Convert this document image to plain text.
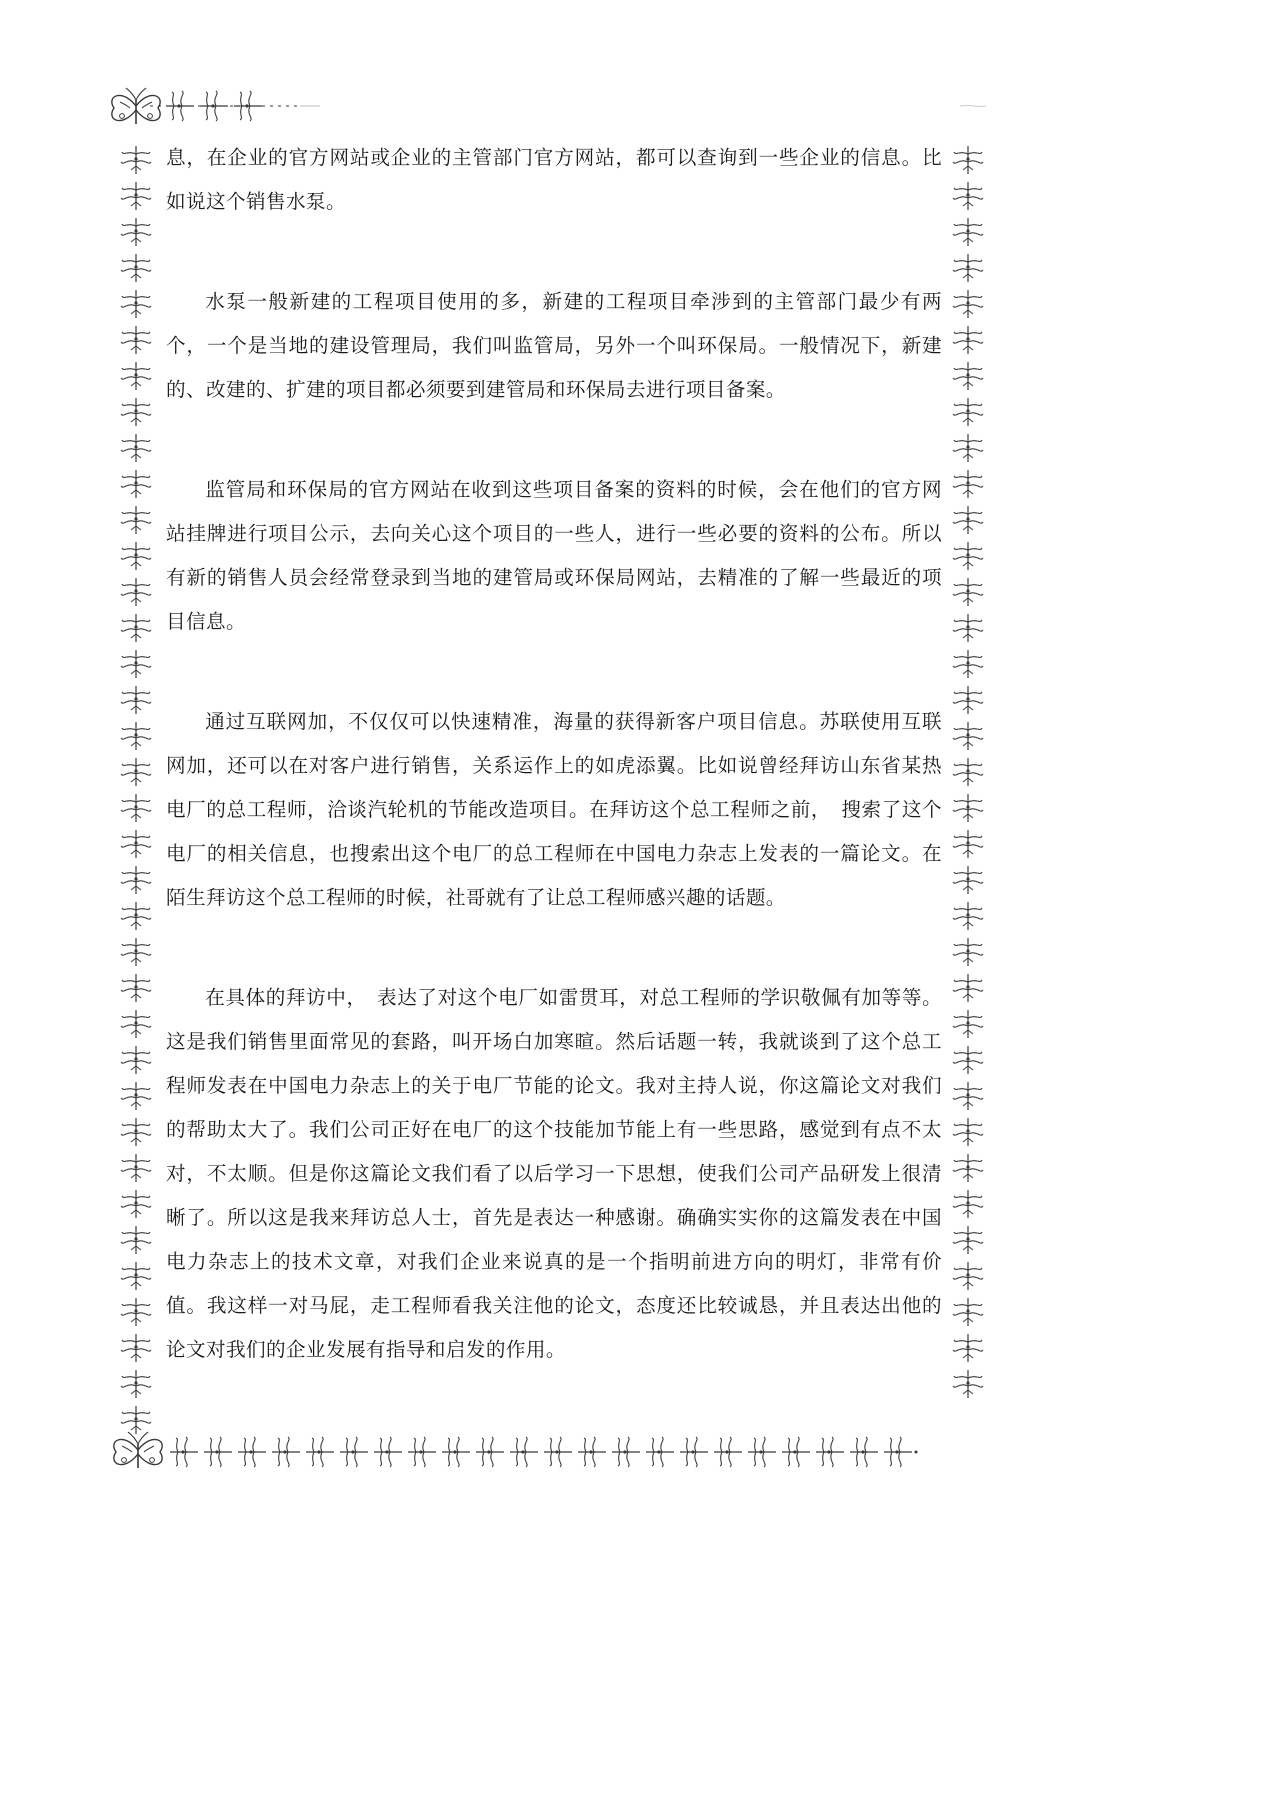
息，在企业的官方网站或企业的主管部门官方网站，都可以查询到一些企业的信息。比如说这个销售水泵。

水泵一般新建的工程项目使用的多，新建的工程项目牵涉到的主管部门最少有两个，一个是当地的建设管理局，我们叫监管局，另外一个叫环保局。一般情况下，新建的、改建的、扩建的项目都必须要到建管局和环保局去进行项目备案。

监管局和环保局的官方网站在收到这些项目备案的资料的时候，会在他们的官方网站挂牌进行项目公示，去向关心这个项目的一些人，进行一些必要的资料的公布。所以有新的销售人员会经常登录到当地的建管局或环保局网站，去精准的了解一些最近的项目信息。

通过互联网加，不仅仅可以快速精准，海量的获得新客户项目信息。苏联使用互联网加，还可以在对客户进行销售，关系运作上的如虎添翼。比如说曾经拜访山东省某热电厂的总工程师，洽谈汽轮机的节能改造项目。在拜访这个总工程师之前，　搜索了这个电厂的相关信息，也搜索出这个电厂的总工程师在中国电力杂志上发表的一篇论文。在陌生拜访这个总工程师的时候，社哥就有了让总工程师感兴趣的话题。

在具体的拜访中，　表达了对这个电厂如雷贯耳，对总工程师的学识敬佩有加等等。这是我们销售里面常见的套路，叫开场白加寒暄。然后话题一转，我就谈到了这个总工程师发表在中国电力杂志上的关于电厂节能的论文。我对主持人说，你这篇论文对我们的帮助太大了。我们公司正好在电厂的这个技能加节能上有一些思路，感觉到有点不太对，不太顺。但是你这篇论文我们看了以后学习一下思想，使我们公司产品研发上很清晰了。所以这是我来拜访总人士，首先是表达一种感谢。确确实实你的这篇发表在中国电力杂志上的技术文章，对我们企业来说真的是一个指明前进方向的明灯，非常有价值。我这样一对马屁，走工程师看我关注他的论文，态度还比较诚恳，并且表达出他的论文对我们的企业发展有指导和启发的作用。
